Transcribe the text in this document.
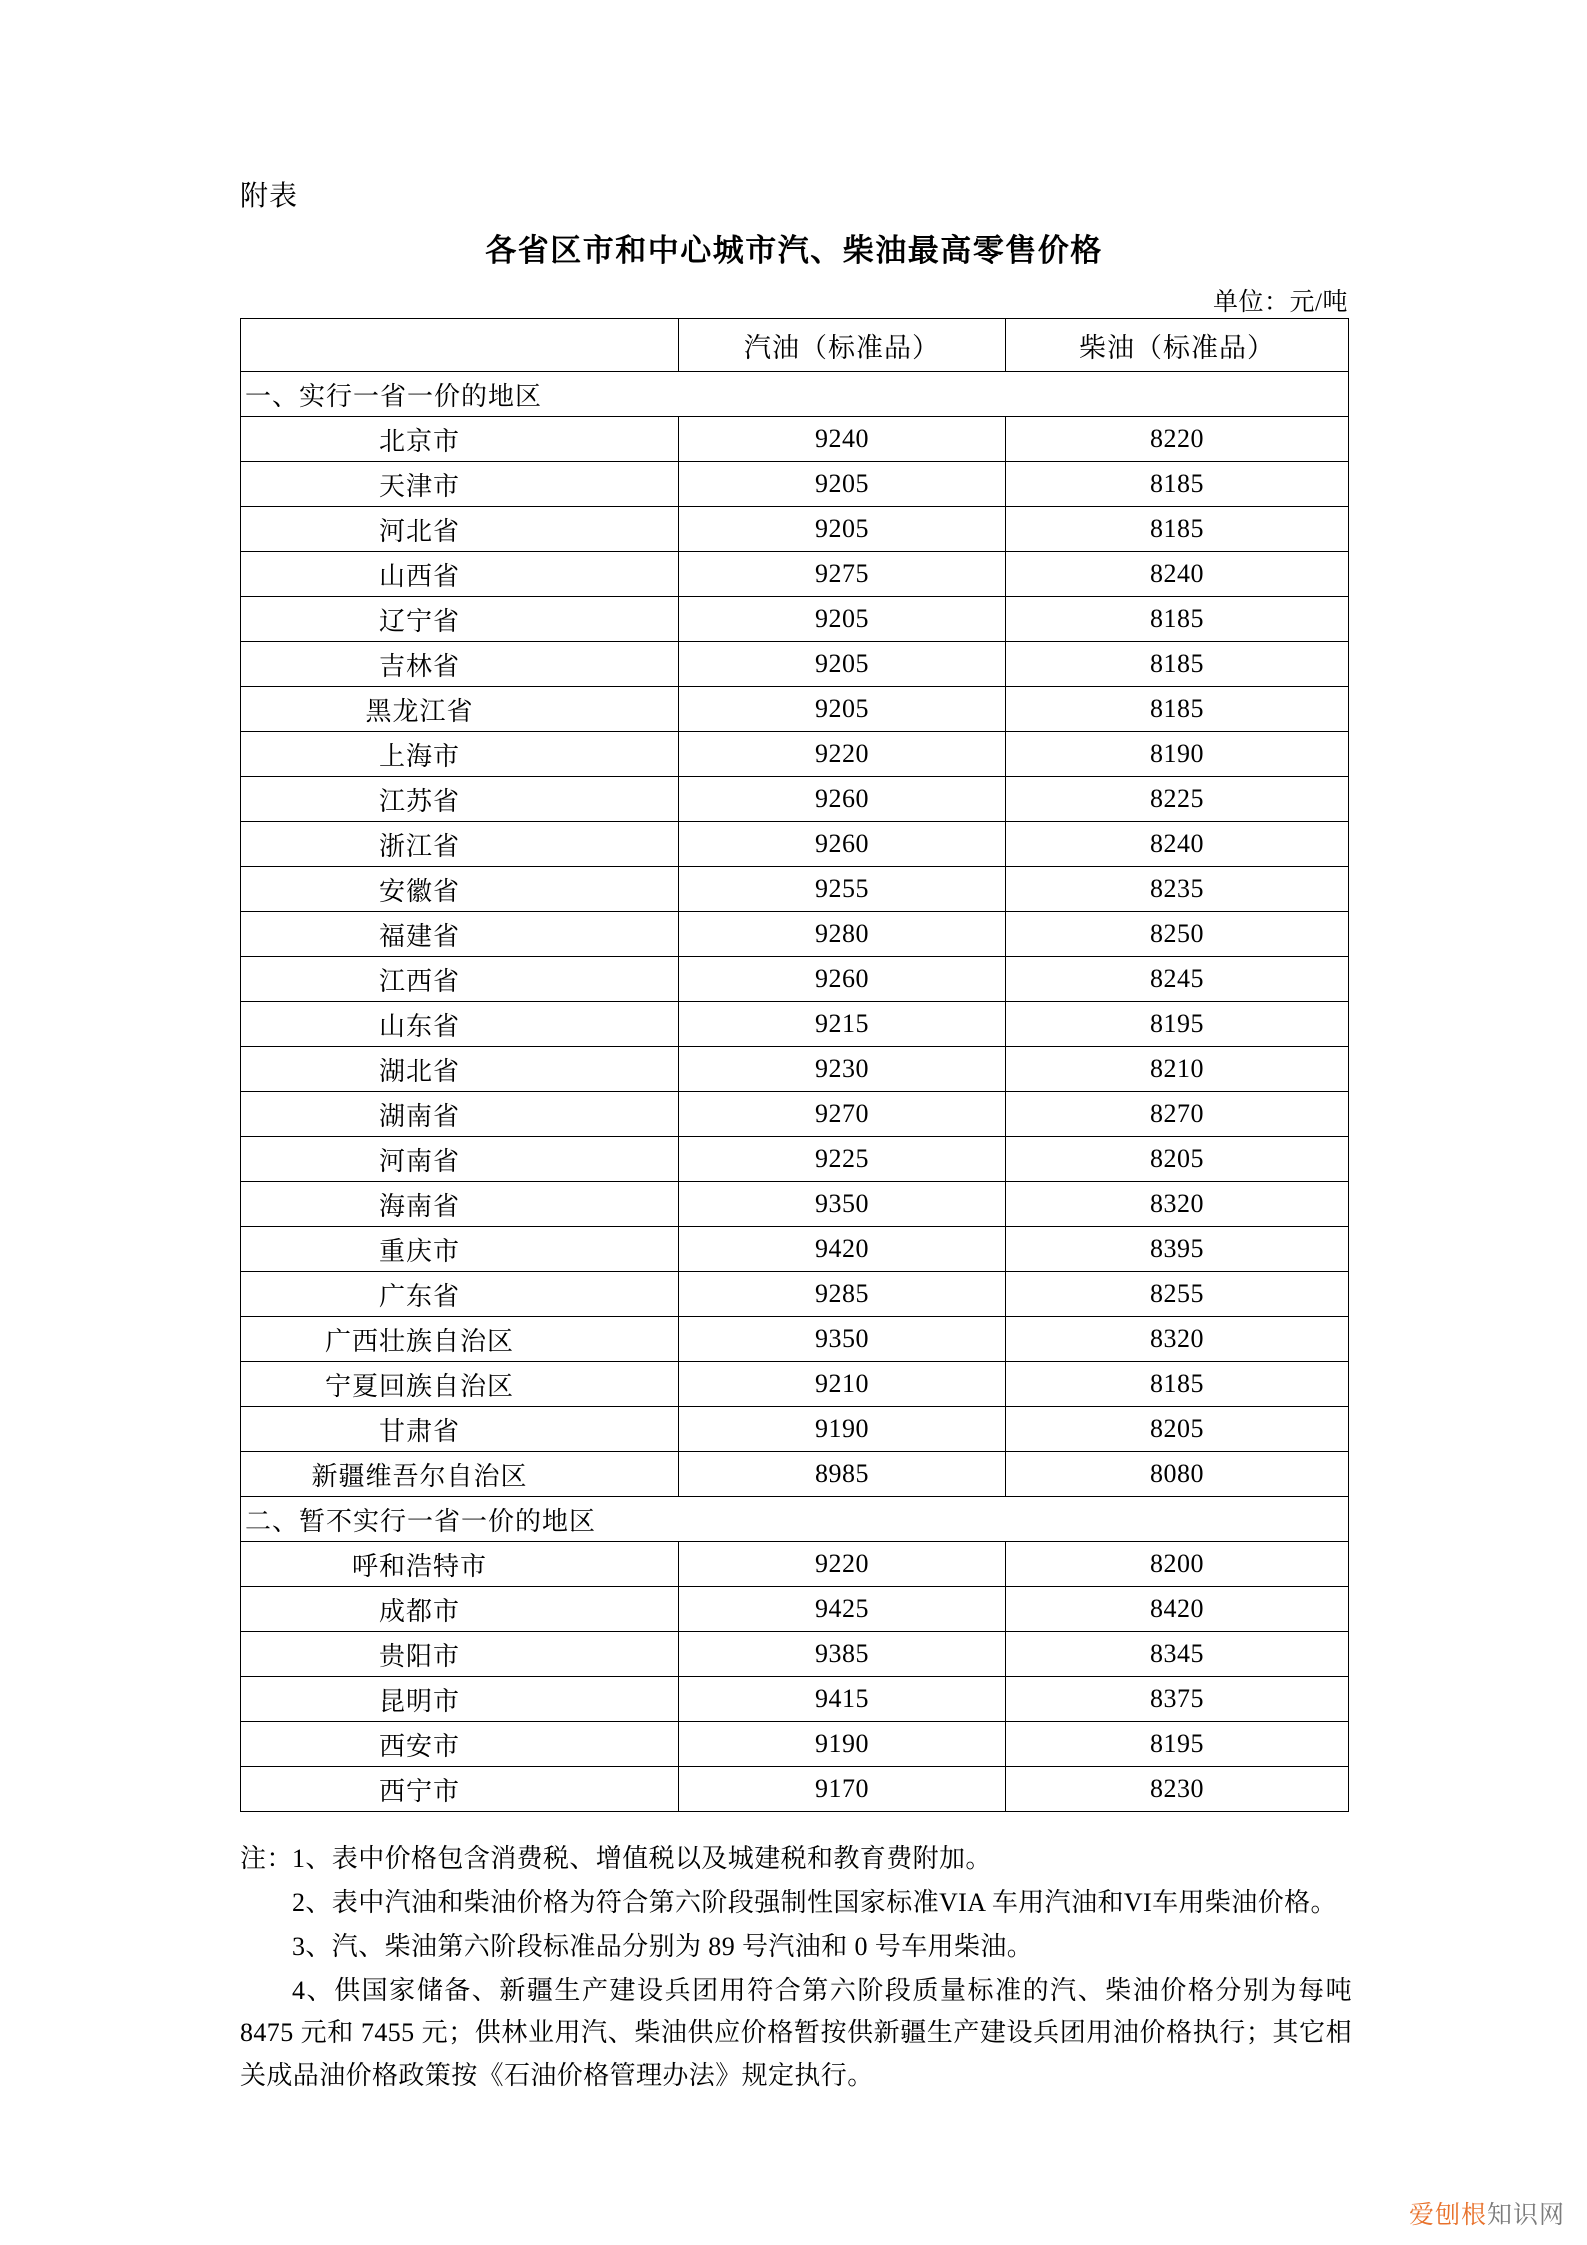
附表
各省区市和中心城市汽、柴油最高零售价格
单位：元/吨
	汽油（标准品）	柴油（标准品）
一、实行一省一价的地区		
北京市	9240	8220
天津市	9205	8185
河北省	9205	8185
山西省	9275	8240
辽宁省	9205	8185
吉林省	9205	8185
黑龙江省	9205	8185
上海市	9220	8190
江苏省	9260	8225
浙江省	9260	8240
安徽省	9255	8235
福建省	9280	8250
江西省	9260	8245
山东省	9215	8195
湖北省	9230	8210
湖南省	9270	8270
河南省	9225	8205
海南省	9350	8320
重庆市	9420	8395
广东省	9285	8255
广西壮族自治区	9350	8320
宁夏回族自治区	9210	8185
甘肃省	9190	8205
新疆维吾尔自治区	8985	8080
二、暂不实行一省一价的地区		
呼和浩特市	9220	8200
成都市	9425	8420
贵阳市	9385	8345
昆明市	9415	8375
西安市	9190	8195
西宁市	9170	8230
注：1、表中价格包含消费税、增值税以及城建税和教育费附加。
2、表中汽油和柴油价格为符合第六阶段强制性国家标准VIA 车用汽油和VI车用柴油价格。
3、汽、柴油第六阶段标准品分别为 89 号汽油和 0 号车用柴油。
4、供国家储备、新疆生产建设兵团用符合第六阶段质量标准的汽、柴油价格分别为每吨 8475 元和 7455 元；供林业用汽、柴油供应价格暂按供新疆生产建设兵团用油价格执行；其它相关成品油价格政策按《石油价格管理办法》规定执行。
爱刨根知识网
